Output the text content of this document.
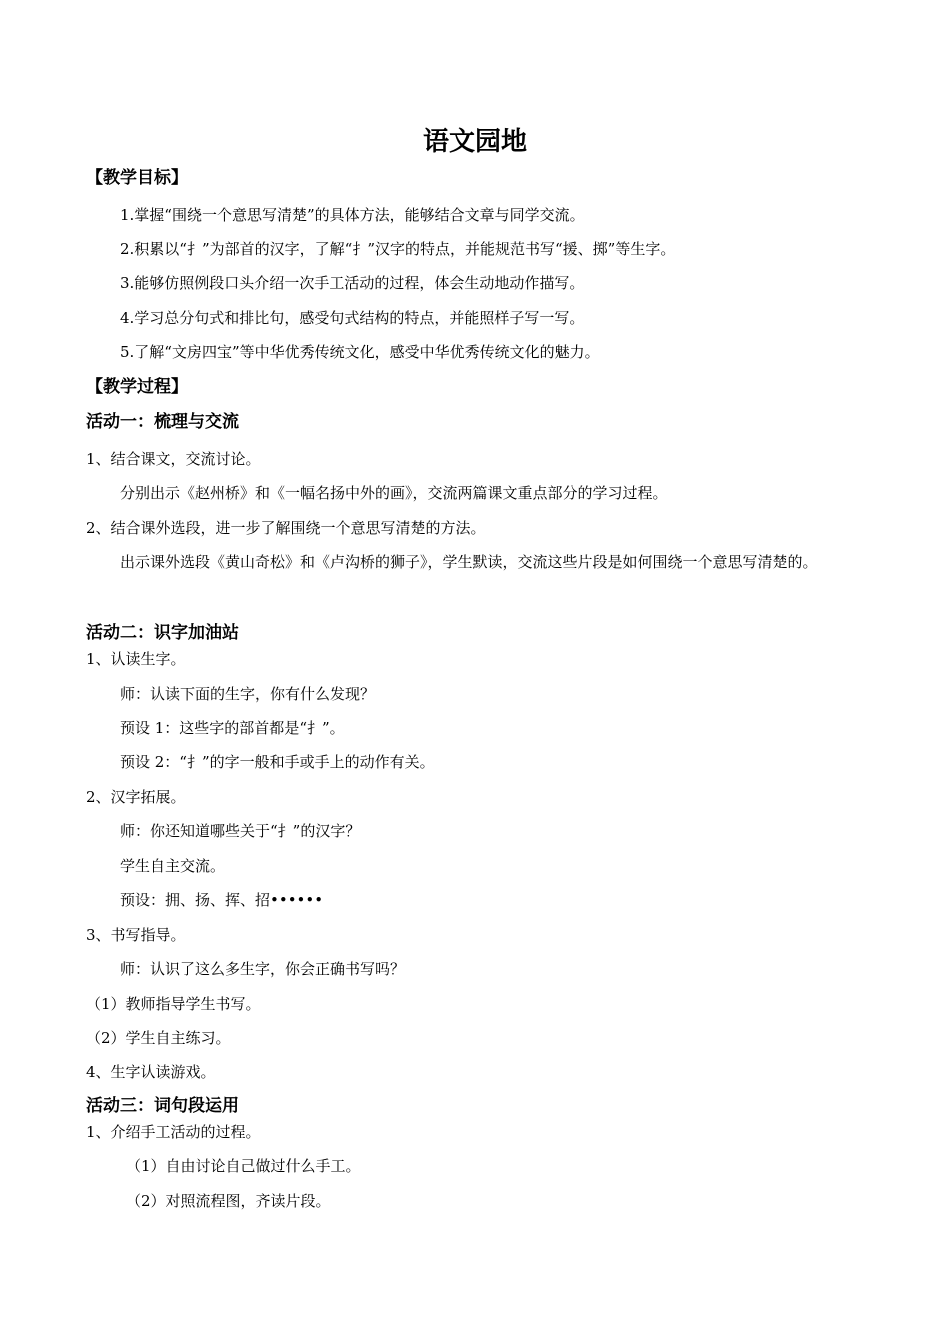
语文园地
【教学目标】
1.掌握“围绕一个意思写清楚”的具体方法，能够结合文章与同学交流。
2.积累以“扌”为部首的汉字，了解“扌”汉字的特点，并能规范书写“援、掷”等生字。
3.能够仿照例段口头介绍一次手工活动的过程，体会生动地动作描写。
4.学习总分句式和排比句，感受句式结构的特点，并能照样子写一写。
5.了解“文房四宝”等中华优秀传统文化，感受中华优秀传统文化的魅力。
【教学过程】
活动一：梳理与交流
1、结合课文，交流讨论。
分别出示《赵州桥》和《一幅名扬中外的画》，交流两篇课文重点部分的学习过程。
2、结合课外选段，进一步了解围绕一个意思写清楚的方法。
出示课外选段《黄山奇松》和《卢沟桥的狮子》，学生默读，交流这些片段是如何围绕一个意思写清楚的。
活动二：识字加油站
1、认读生字。
师：认读下面的生字，你有什么发现？
预设 1：这些字的部首都是“扌”。
预设 2：“扌”的字一般和手或手上的动作有关。
2、汉字拓展。
师：你还知道哪些关于“扌”的汉字？
学生自主交流。
预设：拥、扬、挥、招••••••
3、书写指导。
师：认识了这么多生字，你会正确书写吗？
（1）教师指导学生书写。
（2）学生自主练习。
4、生字认读游戏。
活动三：词句段运用
1、介绍手工活动的过程。
（1）自由讨论自己做过什么手工。
（2）对照流程图，齐读片段。
